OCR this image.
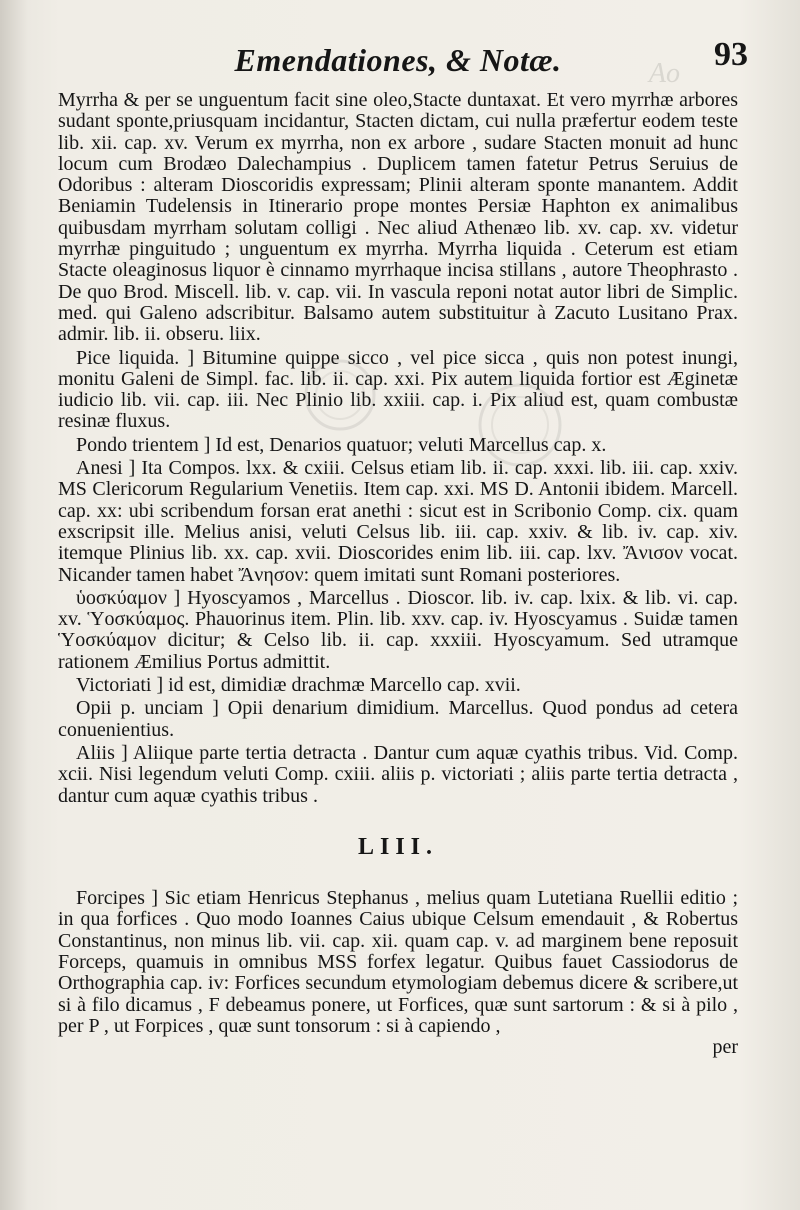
Ao
Emendationes, & Notæ.	93

Myrrha & per se unguentum facit sine oleo,Stacte duntaxat. Et vero myrrhæ arbores sudant sponte,priusquam incidantur, Stacten dictam, cui nulla præfertur eodem teste lib. xii. cap. xv. Verum ex myrrha, non ex arbore , sudare Stacten monuit ad hunc locum cum Brodæo Dalechampius . Duplicem tamen fatetur Petrus Seruius de Odoribus : alteram Dioscoridis expressam; Plinii alteram sponte manantem. Addit Beniamin Tudelensis in Itinerario prope montes Persiæ Haphton ex animalibus quibusdam myrrham solutam colligi . Nec aliud Athenæo lib. xv. cap. xv. videtur myrrhæ pinguitudo ; unguentum ex myrrha. Myrrha liquida . Ceterum est etiam Stacte oleaginosus liquor è cinnamo myrrhaque incisa stillans , autore Theophrasto . De quo Brod. Miscell. lib. v. cap. vii. In vascula reponi notat autor libri de Simplic. med. qui Galeno adscribitur. Balsamo autem substituitur à Zacuto Lusitano Prax. admir. lib. ii. obseru. liix.

Pice liquida. ] Bitumine quippe sicco , vel pice sicca , quis non potest inungi, monitu Galeni de Simpl. fac. lib. ii. cap. xxi. Pix autem liquida fortior est Æginetæ iudicio lib. vii. cap. iii. Nec Plinio lib. xxiii. cap. i. Pix aliud est, quam combustæ resinæ fluxus.

Pondo trientem ] Id est, Denarios quatuor; veluti Marcellus cap. x.

Anesi ] Ita Compos. lxx. & cxiii. Celsus etiam lib. ii. cap. xxxi. lib. iii. cap. xxiv. MS Clericorum Regularium Venetiis. Item cap. xxi. MS D. Antonii ibidem. Marcell. cap. xx: ubi scribendum forsan erat anethi : sicut est in Scribonio Comp. cix. quam exscripsit ille. Melius anisi, veluti Celsus lib. iii. cap. xxiv. & lib. iv. cap. xiv. itemque Plinius lib. xx. cap. xvii. Dioscorides enim lib. iii. cap. lxv. Ἄνισον vocat. Nicander tamen habet Ἄνησον: quem imitati sunt Romani posteriores.

ὑοσκύαμον ] Hyoscyamos , Marcellus . Dioscor. lib. iv. cap. lxix. & lib. vi. cap. xv. Ὑοσκύαμος. Phauorinus item. Plin. lib. xxv. cap. iv. Hyoscyamus . Suidæ tamen Ὑοσκύαμον dicitur; & Celso lib. ii. cap. xxxiii. Hyoscyamum. Sed utramque rationem Æmilius Portus admittit.

Victoriati ] id est, dimidiæ drachmæ Marcello cap. xvii.

Opii p. unciam ] Opii denarium dimidium. Marcellus. Quod pondus ad cetera conuenientius.

Aliis ] Aliique parte tertia detracta . Dantur cum aquæ cyathis tribus. Vid. Comp. xcii. Nisi legendum veluti Comp. cxiii. aliis p. victoriati ; aliis parte tertia detracta , dantur cum aquæ cyathis tribus .

LIII.

Forcipes ] Sic etiam Henricus Stephanus , melius quam Lutetiana Ruellii editio ; in qua forfices . Quo modo Ioannes Caius ubique Celsum emendauit , & Robertus Constantinus, non minus lib. vii. cap. xii. quam cap. v. ad marginem bene reposuit Forceps, quamuis in omnibus MSS forfex legatur. Quibus fauet Cassiodorus de Orthographia cap. iv: Forfices secundum etymologiam debemus dicere & scribere,ut si à filo dicamus , F debeamus ponere, ut Forfices, quæ sunt sartorum : & si à pilo , per P , ut Forpices , quæ sunt tonsorum : si à capiendo ,

per
